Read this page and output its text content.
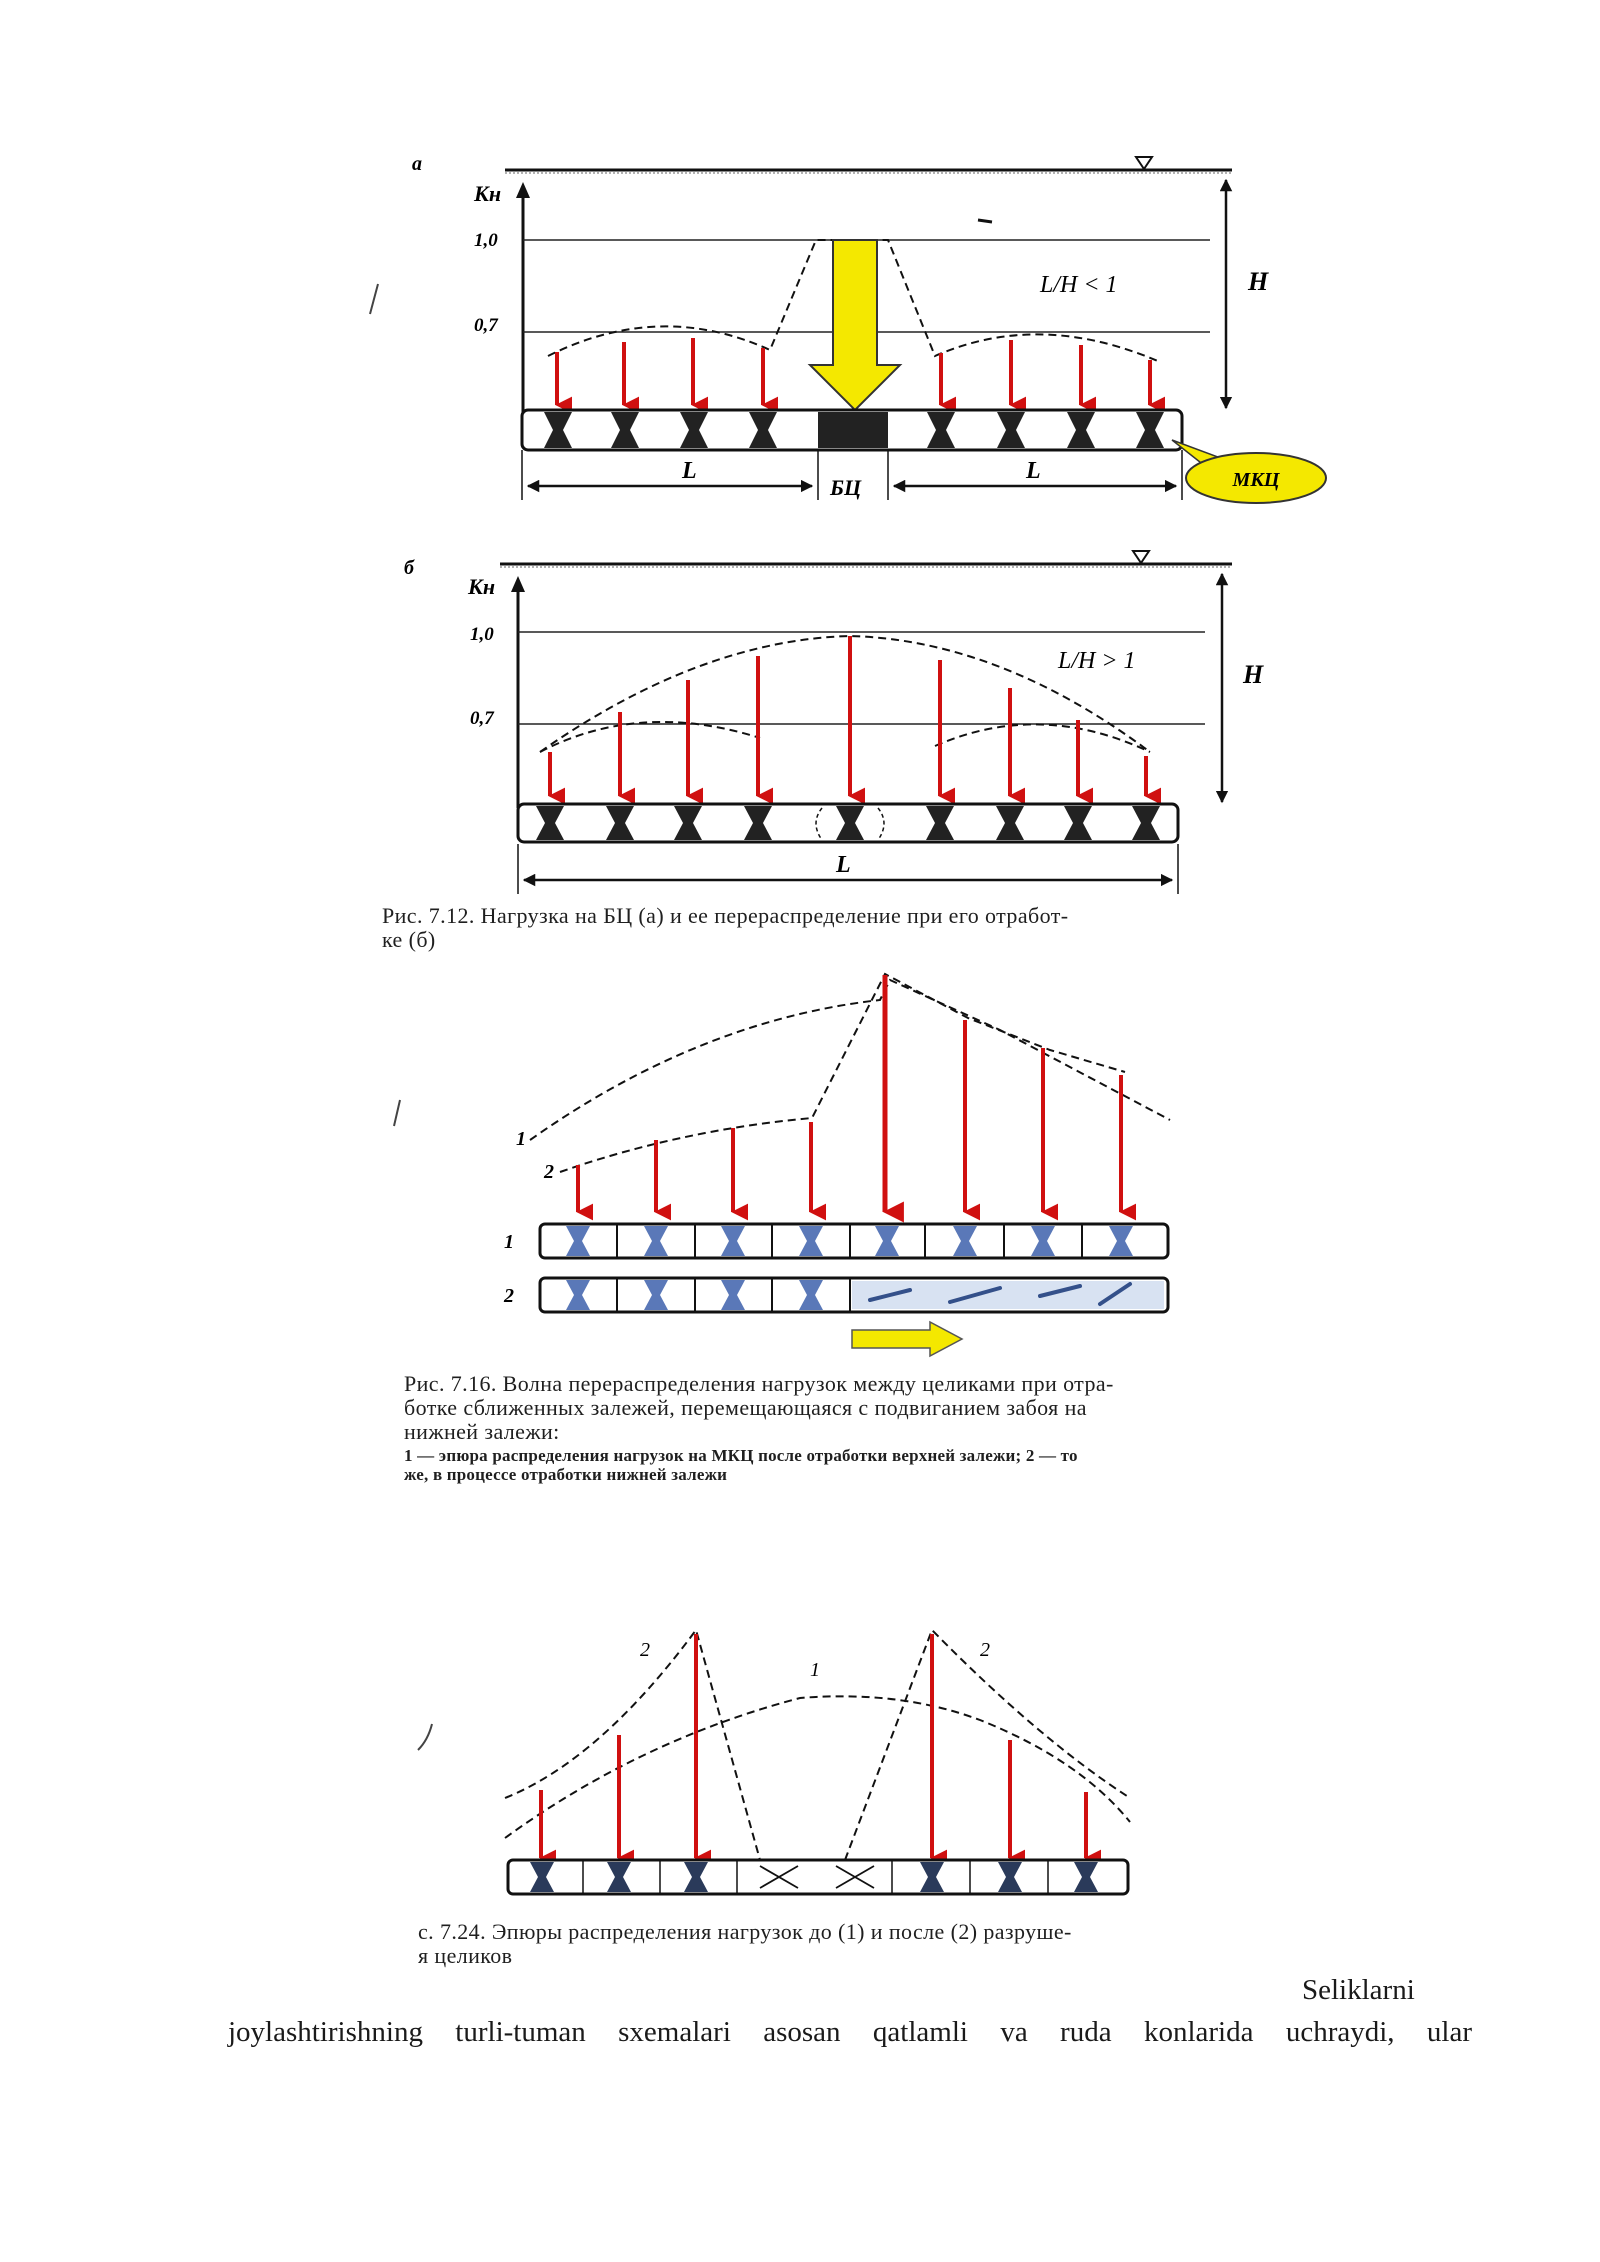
а
Кн
1,0
0,7
H
L/H < 1
L	L
БЦ	МКЦ
б
Кн
1,0
0,7
H
L/H > 1
L
1
2
1
2
2
1
2
Рис. 7.12. Нагрузка на БЦ (а) и ее перераспределение при его отработ-
ке (б)
Рис. 7.16. Волна перераспределения нагрузок между целиками при отра-
ботке сближенных залежей, перемещающаяся с подвиганием забоя на
нижней залежи:
1 — эпюра распределения нагрузок на МКЦ после отработки верхней залежи; 2 — то
же, в процессе отработки нижней залежи
с. 7.24. Эпюры распределения нагрузок до (1) и после (2) разруше-
я целиков
Seliklarni
joylashtirishning turli-tuman sxemalari asosan qatlamli va ruda konlarida uchraydi, ular
